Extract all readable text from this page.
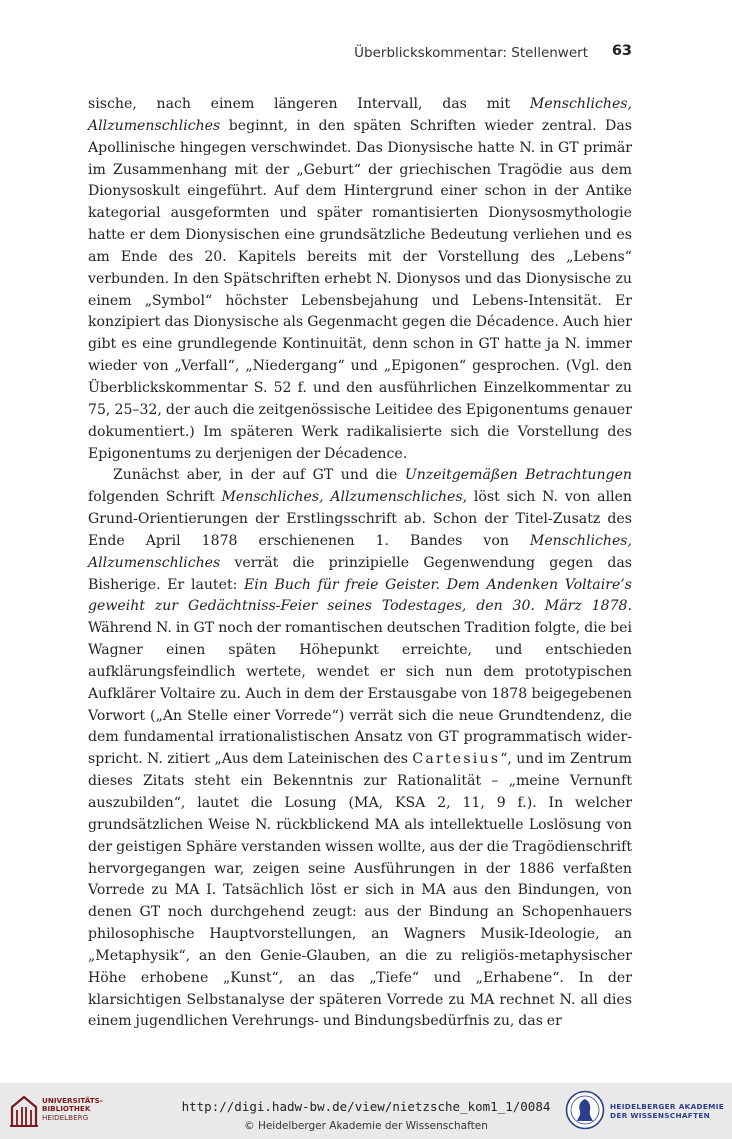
Überblickskommentar: Stellenwert 63

sische, nach einem längeren Intervall, das mit Menschliches, Allzumenschliches beginnt, in den späten Schriften wieder zentral. Das Apollinische hingegen verschwindet. Das Dionysische hatte N. in GT primär im Zusammenhang mit der „Geburt“ der griechischen Tragödie aus dem Dionysoskult eingeführt. Auf dem Hintergrund einer schon in der Antike kategorial ausgeformten und später romantisierten Dionysosmythologie hatte er dem Dionysischen eine grundsätzliche Bedeutung verliehen und es am Ende des 20. Kapitels bereits mit der Vorstellung des „Lebens“ verbunden. In den Spätschriften erhebt N. Dionysos und das Dionysische zu einem „Symbol“ höchster Lebensbejahung und Lebens-Intensität. Er konzipiert das Dionysische als Gegenmacht gegen die Décadence. Auch hier gibt es eine grundlegende Kontinuität, denn schon in GT hatte ja N. immer wieder von „Verfall“, „Niedergang“ und „Epigonen“ gesprochen. (Vgl. den Überblickskommentar S. 52 f. und den ausführlichen Einzelkommentar zu 75, 25–32, der auch die zeitgenössische Leitidee des Epigonentums genauer dokumentiert.) Im späteren Werk radikalisierte sich die Vorstellung des Epigonentums zu derjenigen der Décadence.

Zunächst aber, in der auf GT und die Unzeitgemäßen Betrachtungen folgenden Schrift Menschliches, Allzumenschliches, löst sich N. von allen Grund-Orientierungen der Erstlingsschrift ab. Schon der Titel-Zusatz des Ende April 1878 erschienenen 1. Bandes von Menschliches, Allzumenschliches verrät die prinzipielle Gegenwendung gegen das Bisherige. Er lautet: Ein Buch für freie Geister. Dem Andenken Voltaire’s geweiht zur Gedächtniss-Feier seines Todestages, den 30. März 1878. Während N. in GT noch der romantischen deutschen Tradition folgte, die bei Wagner einen späten Höhepunkt erreichte, und entschieden aufklärungsfeindlich wertete, wendet er sich nun dem prototypischen Aufklärer Voltaire zu. Auch in dem der Erstausgabe von 1878 beigegebenen Vorwort („An Stelle einer Vorrede“) verrät sich die neue Grundtendenz, die dem fundamental irrationalistischen Ansatz von GT programmatisch widerspricht. N. zitiert „Aus dem Lateinischen des Cartesius“, und im Zentrum dieses Zitats steht ein Bekenntnis zur Rationalität – „meine Vernunft auszubilden“, lautet die Losung (MA, KSA 2, 11, 9 f.). In welcher grundsätzlichen Weise N. rückblickend MA als intellektuelle Loslösung von der geistigen Sphäre verstanden wissen wollte, aus der die Tragödienschrift hervorgegangen war, zeigen seine Ausführungen in der 1886 verfaßten Vorrede zu MA I. Tatsächlich löst er sich in MA aus den Bindungen, von denen GT noch durchgehend zeugt: aus der Bindung an Schopenhauers philosophische Hauptvorstellungen, an Wagners Musik-Ideologie, an „Metaphysik“, an den Genie-Glauben, an die zu religiös-metaphysischer Höhe erhobene „Kunst“, an das „Tiefe“ und „Erhabene“. In der klarsichtigen Selbstanalyse der späteren Vorrede zu MA rechnet N. all dies einem jugendlichen Verehrungs- und Bindungsbedürfnis zu, das er

UNIVERSITÄTS-
BIBLIOTHEK
HEIDELBERG
http://digi.hadw-bw.de/view/nietzsche_kom1_1/0084
© Heidelberger Akademie der Wissenschaften
HEIDELBERGER AKADEMIE
DER WISSENSCHAFTEN
